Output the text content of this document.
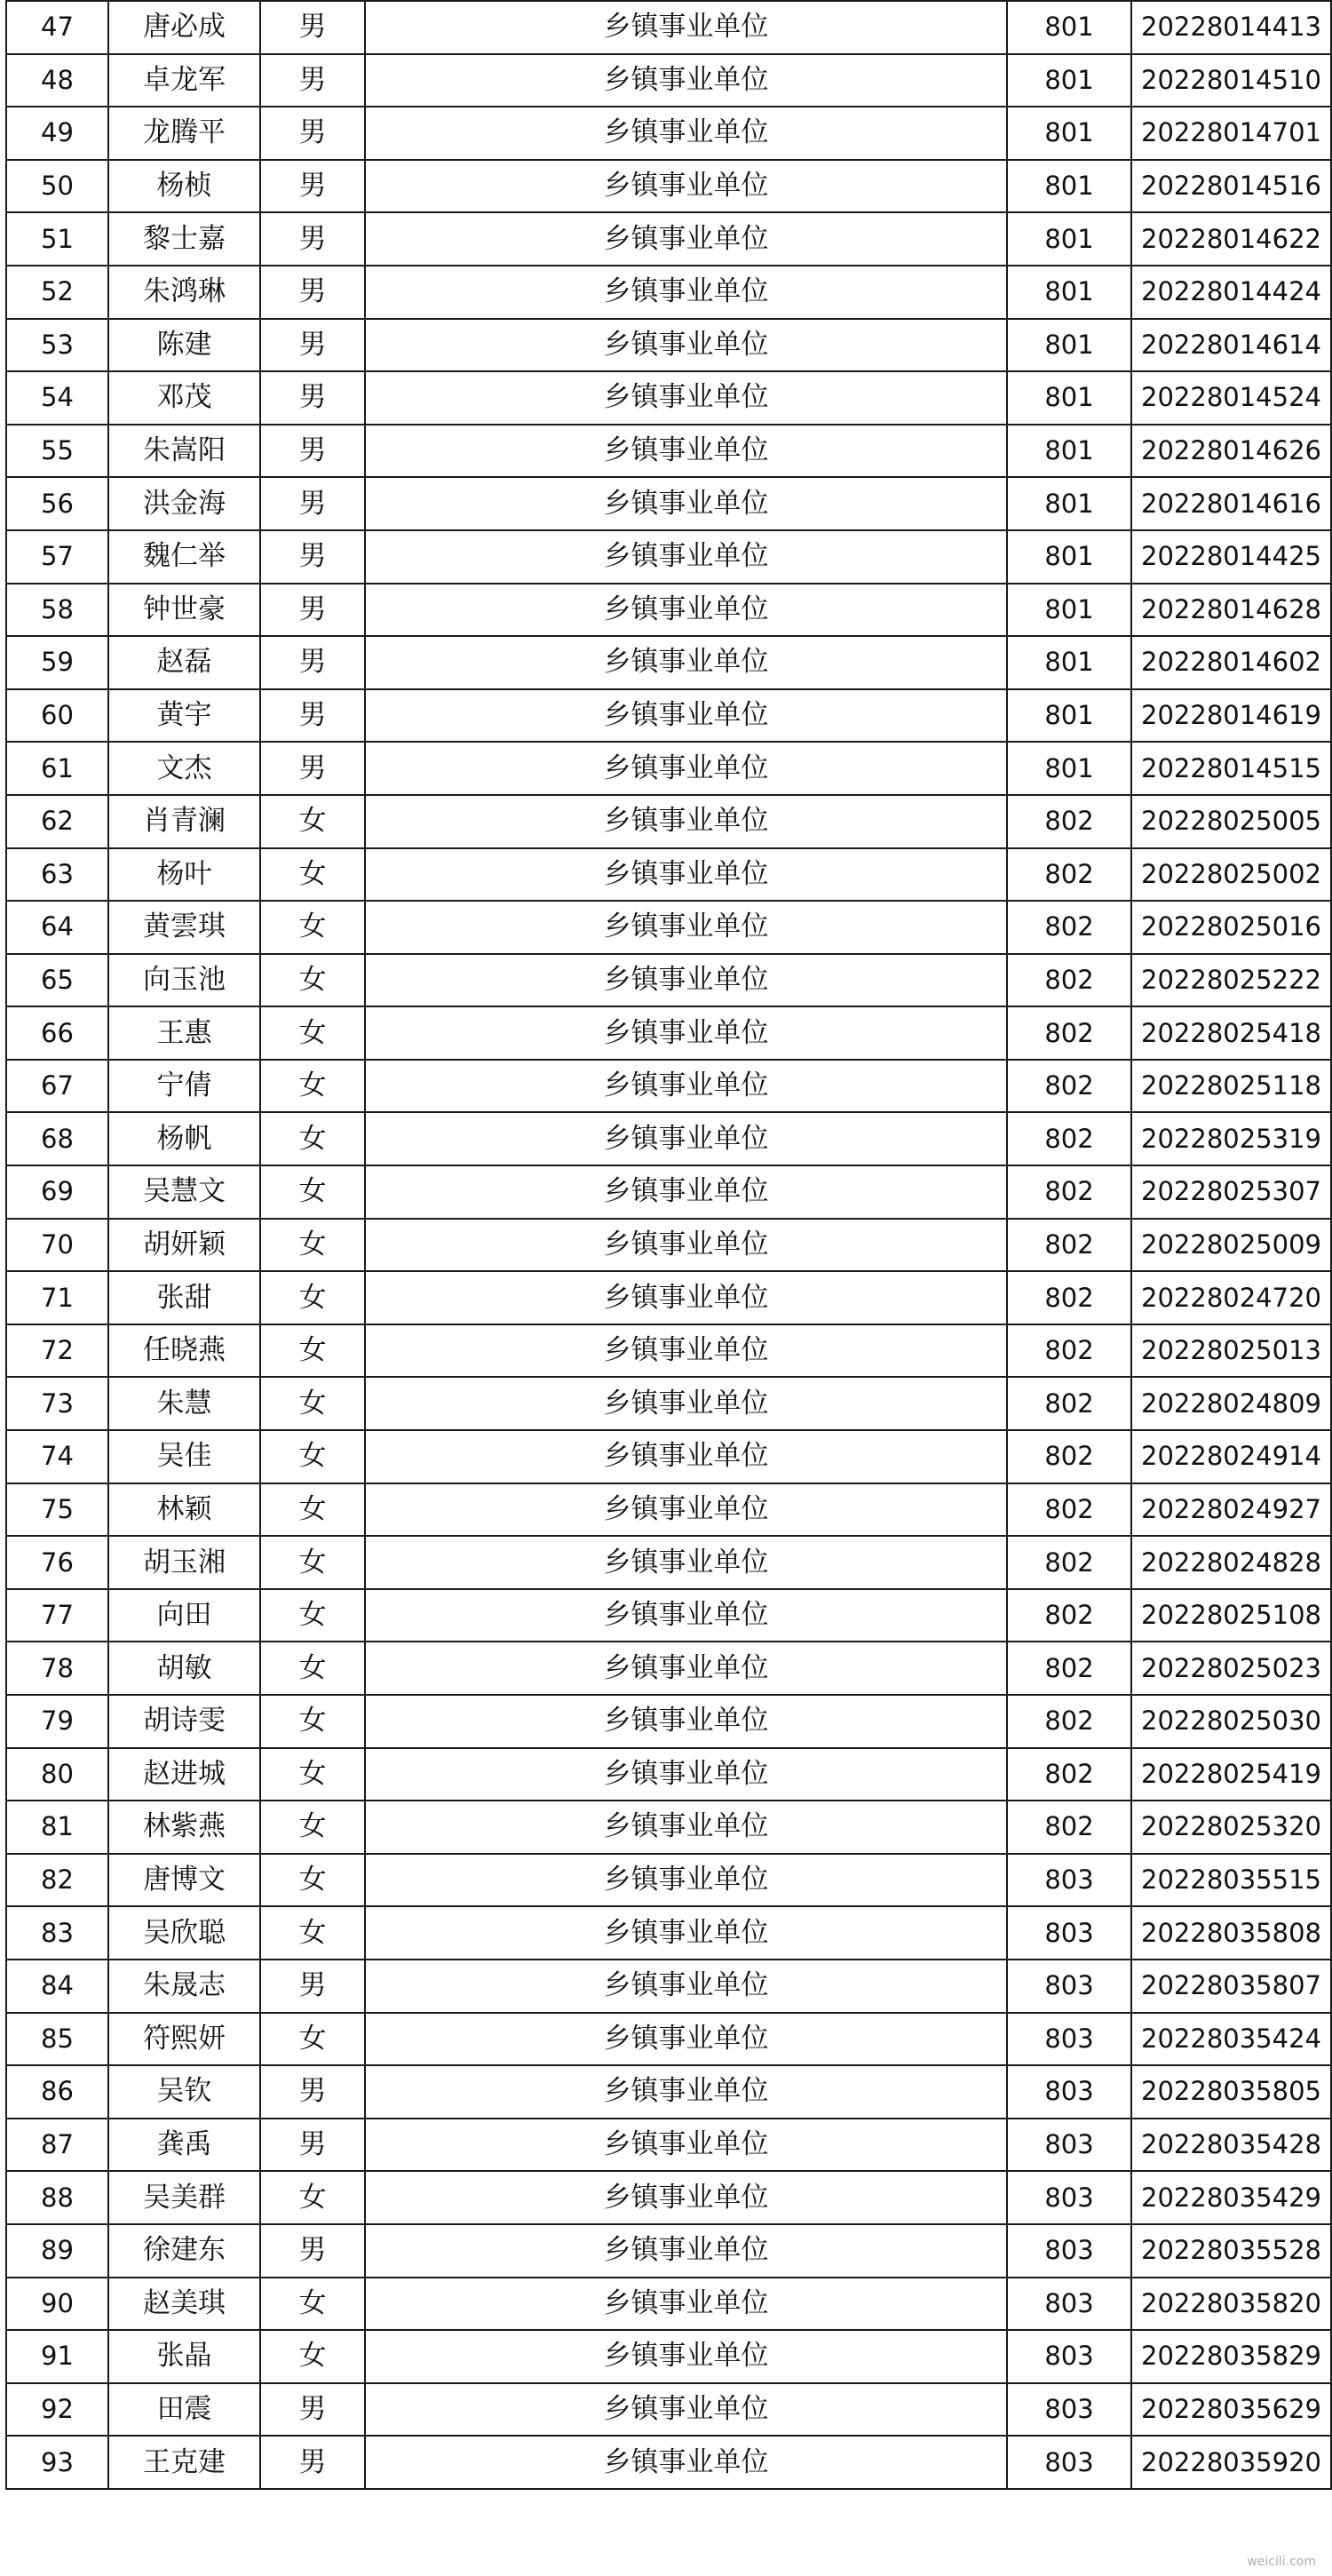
47	唐必成	男	乡镇事业单位	801	20228014413
48	卓龙军	男	乡镇事业单位	801	20228014510
49	龙腾平	男	乡镇事业单位	801	20228014701
50	杨桢	男	乡镇事业单位	801	20228014516
51	黎士嘉	男	乡镇事业单位	801	20228014622
52	朱鸿琳	男	乡镇事业单位	801	20228014424
53	陈建	男	乡镇事业单位	801	20228014614
54	邓茂	男	乡镇事业单位	801	20228014524
55	朱嵩阳	男	乡镇事业单位	801	20228014626
56	洪金海	男	乡镇事业单位	801	20228014616
57	魏仁举	男	乡镇事业单位	801	20228014425
58	钟世豪	男	乡镇事业单位	801	20228014628
59	赵磊	男	乡镇事业单位	801	20228014602
60	黄宇	男	乡镇事业单位	801	20228014619
61	文杰	男	乡镇事业单位	801	20228014515
62	肖青澜	女	乡镇事业单位	802	20228025005
63	杨叶	女	乡镇事业单位	802	20228025002
64	黄雲琪	女	乡镇事业单位	802	20228025016
65	向玉池	女	乡镇事业单位	802	20228025222
66	王惠	女	乡镇事业单位	802	20228025418
67	宁倩	女	乡镇事业单位	802	20228025118
68	杨帆	女	乡镇事业单位	802	20228025319
69	吴慧文	女	乡镇事业单位	802	20228025307
70	胡妍颖	女	乡镇事业单位	802	20228025009
71	张甜	女	乡镇事业单位	802	20228024720
72	任晓燕	女	乡镇事业单位	802	20228025013
73	朱慧	女	乡镇事业单位	802	20228024809
74	吴佳	女	乡镇事业单位	802	20228024914
75	林颖	女	乡镇事业单位	802	20228024927
76	胡玉湘	女	乡镇事业单位	802	20228024828
77	向田	女	乡镇事业单位	802	20228025108
78	胡敏	女	乡镇事业单位	802	20228025023
79	胡诗雯	女	乡镇事业单位	802	20228025030
80	赵进城	女	乡镇事业单位	802	20228025419
81	林紫燕	女	乡镇事业单位	802	20228025320
82	唐博文	女	乡镇事业单位	803	20228035515
83	吴欣聪	女	乡镇事业单位	803	20228035808
84	朱晟志	男	乡镇事业单位	803	20228035807
85	符熙妍	女	乡镇事业单位	803	20228035424
86	吴钦	男	乡镇事业单位	803	20228035805
87	龚禹	男	乡镇事业单位	803	20228035428
88	吴美群	女	乡镇事业单位	803	20228035429
89	徐建东	男	乡镇事业单位	803	20228035528
90	赵美琪	女	乡镇事业单位	803	20228035820
91	张晶	女	乡镇事业单位	803	20228035829
92	田震	男	乡镇事业单位	803	20228035629
93	王克建	男	乡镇事业单位	803	20228035920
weicili.com
